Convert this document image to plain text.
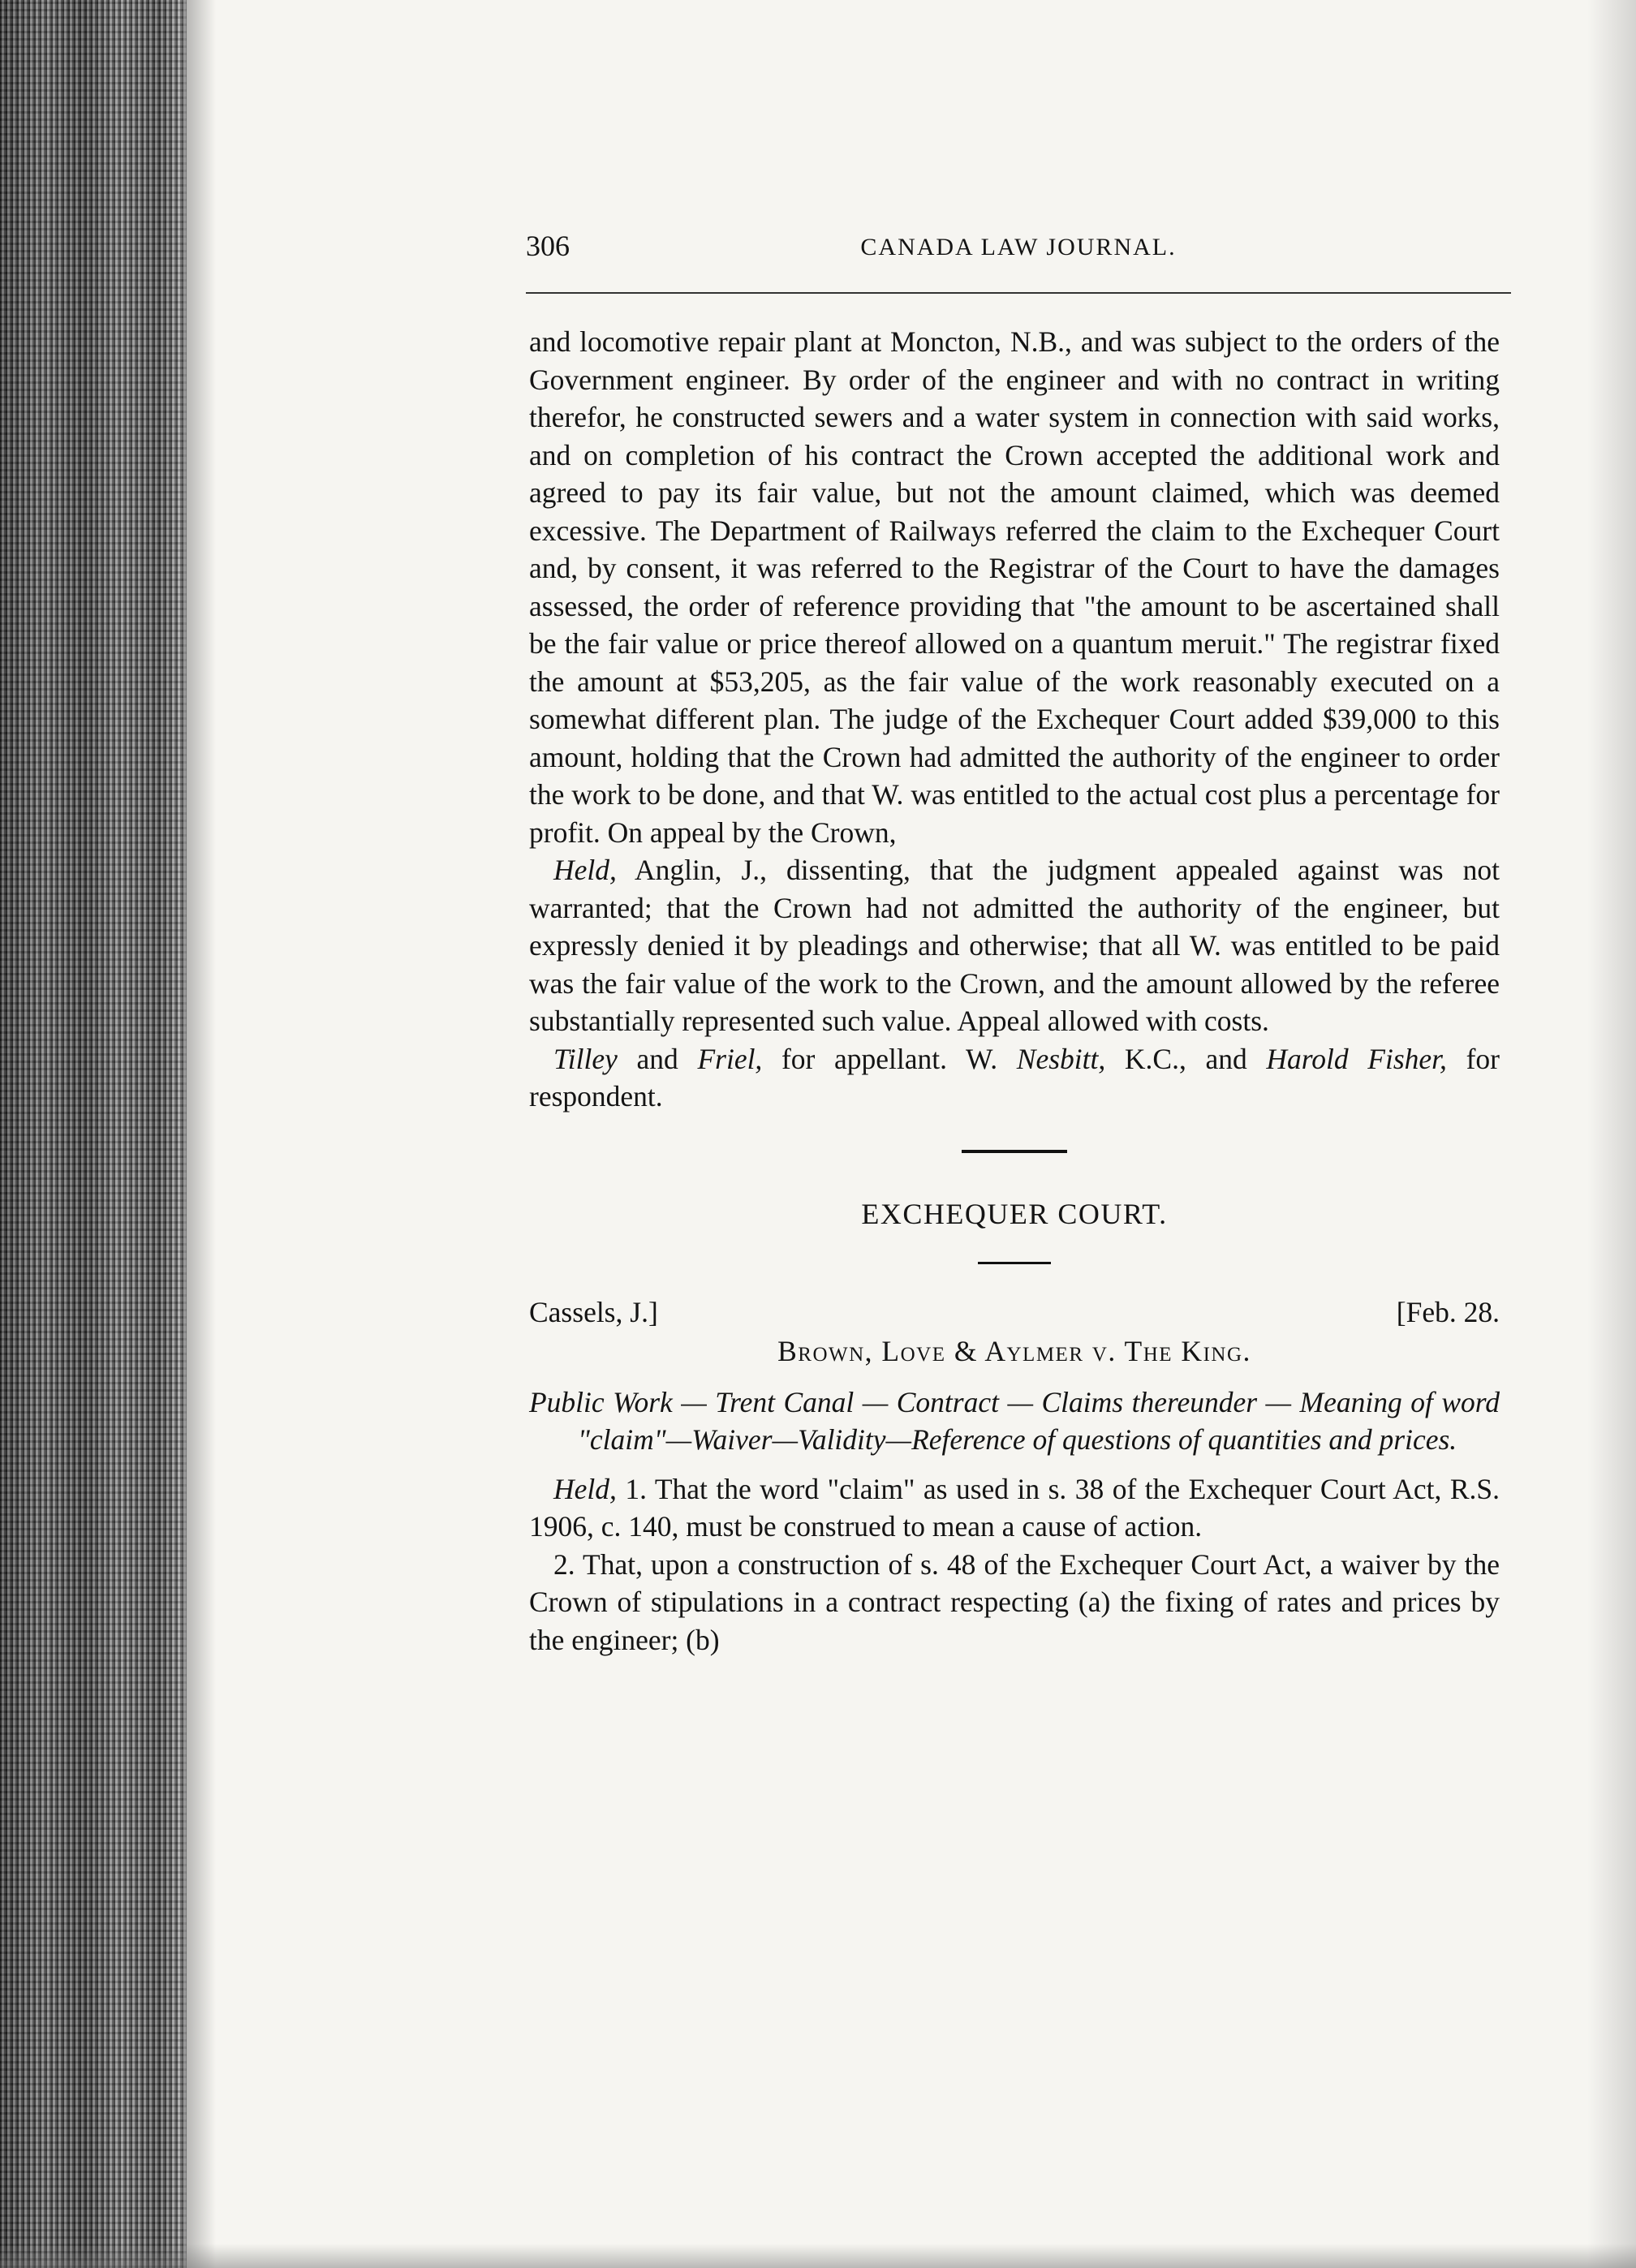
306	CANADA LAW JOURNAL.

and locomotive repair plant at Moncton, N.B., and was subject to the orders of the Government engineer. By order of the engineer and with no contract in writing therefor, he constructed sewers and a water system in connection with said works, and on completion of his contract the Crown accepted the additional work and agreed to pay its fair value, but not the amount claimed, which was deemed excessive. The Department of Railways referred the claim to the Exchequer Court and, by consent, it was referred to the Registrar of the Court to have the damages assessed, the order of reference providing that "the amount to be ascertained shall be the fair value or price thereof allowed on a quantum meruit." The registrar fixed the amount at $53,205, as the fair value of the work reasonably executed on a somewhat different plan. The judge of the Exchequer Court added $39,000 to this amount, holding that the Crown had admitted the authority of the engineer to order the work to be done, and that W. was entitled to the actual cost plus a percentage for profit. On appeal by the Crown,

Held, Anglin, J., dissenting, that the judgment appealed against was not warranted; that the Crown had not admitted the authority of the engineer, but expressly denied it by pleadings and otherwise; that all W. was entitled to be paid was the fair value of the work to the Crown, and the amount allowed by the referee substantially represented such value. Appeal allowed with costs.

Tilley and Friel, for appellant. W. Nesbitt, K.C., and Harold Fisher, for respondent.

EXCHEQUER COURT.

Cassels, J.]	[Feb. 28.

Brown, Love & Aylmer v. The King.

Public Work — Trent Canal — Contract — Claims thereunder — Meaning of word "claim"—Waiver—Validity—Reference of questions of quantities and prices.

Held, 1. That the word "claim" as used in s. 38 of the Exchequer Court Act, R.S. 1906, c. 140, must be construed to mean a cause of action.

2. That, upon a construction of s. 48 of the Exchequer Court Act, a waiver by the Crown of stipulations in a contract respecting (a) the fixing of rates and prices by the engineer; (b)
